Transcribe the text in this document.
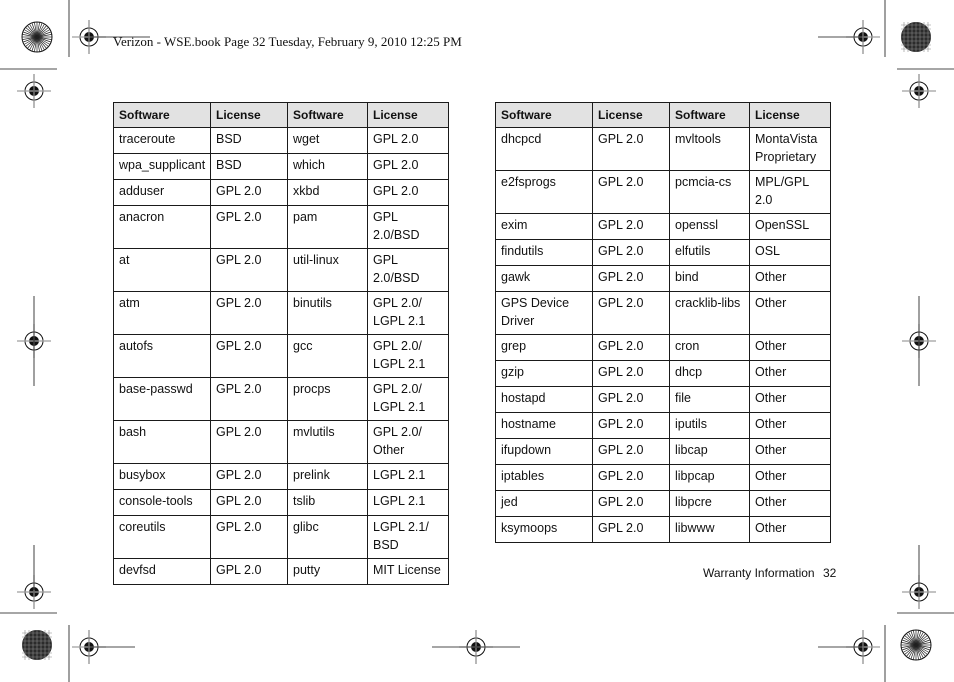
Verizon - WSE.book Page 32 Tuesday, February 9, 2010 12:25 PM
Software	License	Software	License
traceroute	BSD	wget	GPL 2.0
wpa_supplicant	BSD	which	GPL 2.0
adduser	GPL 2.0	xkbd	GPL 2.0
anacron	GPL 2.0	pam	GPL 2.0/BSD
at	GPL 2.0	util-linux	GPL 2.0/BSD
atm	GPL 2.0	binutils	GPL 2.0/ LGPL 2.1
autofs	GPL 2.0	gcc	GPL 2.0/ LGPL 2.1
base-passwd	GPL 2.0	procps	GPL 2.0/ LGPL 2.1
bash	GPL 2.0	mvlutils	GPL 2.0/ Other
busybox	GPL 2.0	prelink	LGPL 2.1
console-tools	GPL 2.0	tslib	LGPL 2.1
coreutils	GPL 2.0	glibc	LGPL 2.1/ BSD
devfsd	GPL 2.0	putty	MIT License
Software	License	Software	License
dhcpcd	GPL 2.0	mvltools	MontaVista Proprietary
e2fsprogs	GPL 2.0	pcmcia-cs	MPL/GPL 2.0
exim	GPL 2.0	openssl	OpenSSL
findutils	GPL 2.0	elfutils	OSL
gawk	GPL 2.0	bind	Other
GPS Device Driver	GPL 2.0	cracklib-libs	Other
grep	GPL 2.0	cron	Other
gzip	GPL 2.0	dhcp	Other
hostapd	GPL 2.0	file	Other
hostname	GPL 2.0	iputils	Other
ifupdown	GPL 2.0	libcap	Other
iptables	GPL 2.0	libpcap	Other
jed	GPL 2.0	libpcre	Other
ksymoops	GPL 2.0	libwww	Other
Warranty Information 32
